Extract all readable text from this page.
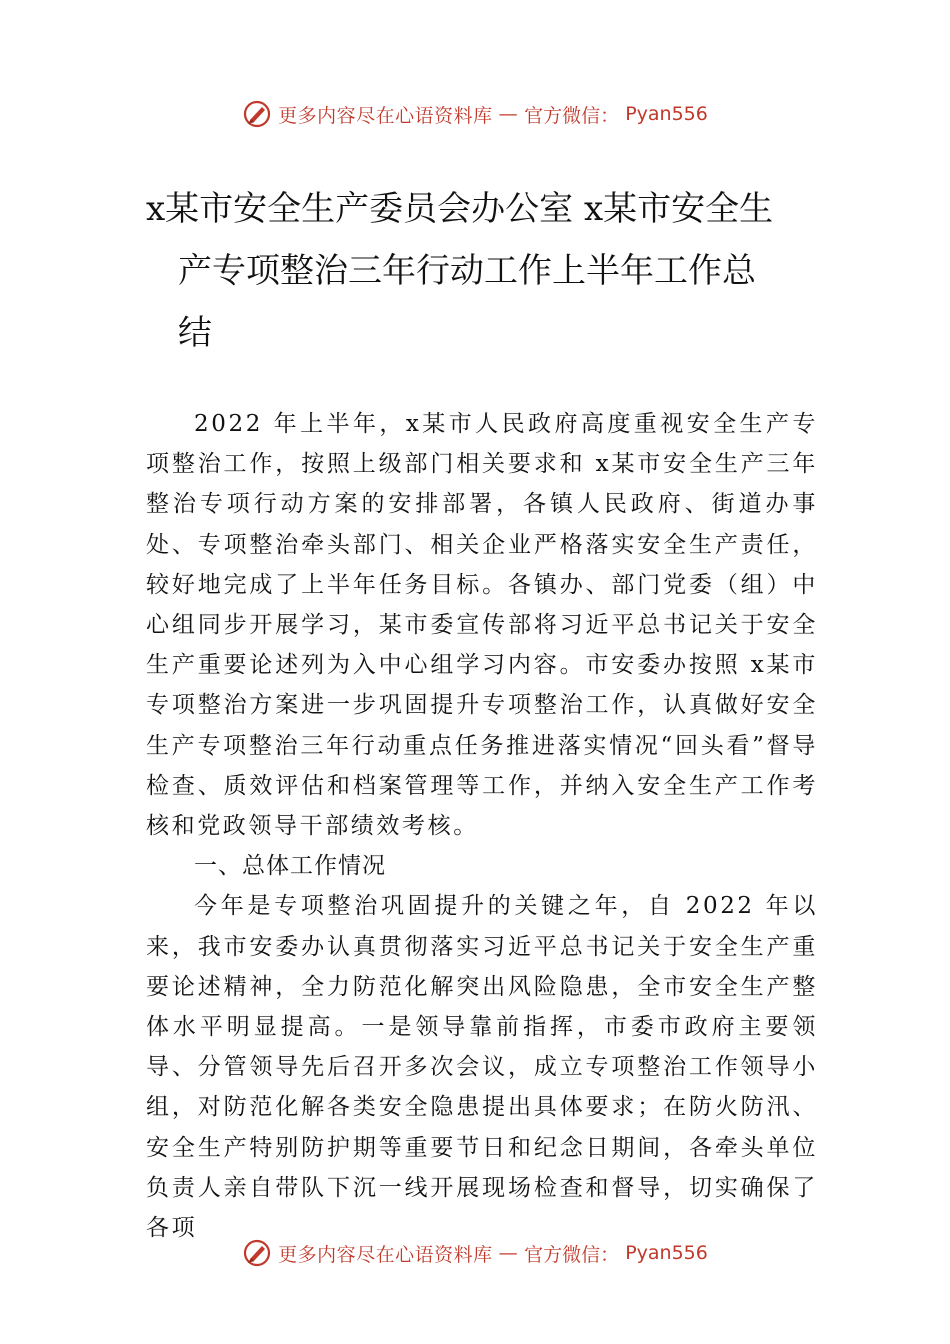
更多内容尽在心语资料库 — 官方微信： Pyan556
x某市安全生产委员会办公室 x某市安全生
产专项整治三年行动工作上半年工作总
结

2022 年上半年，x某市人民政府高度重视安全生产专项整治工作，按照上级部门相关要求和 x某市安全生产三年整治专项行动方案的安排部署，各镇人民政府、街道办事处、专项整治牵头部门、相关企业严格落实安全生产责任，较好地完成了上半年任务目标。各镇办、部门党委（组）中心组同步开展学习，某市委宣传部将习近平总书记关于安全生产重要论述列为入中心组学习内容。市安委办按照 x某市专项整治方案进一步巩固提升专项整治工作，认真做好安全生产专项整治三年行动重点任务推进落实情况“回头看”督导检查、质效评估和档案管理等工作，并纳入安全生产工作考核和党政领导干部绩效考核。

一、总体工作情况

今年是专项整治巩固提升的关键之年，自 2022 年以来，我市安委办认真贯彻落实习近平总书记关于安全生产重要论述精神，全力防范化解突出风险隐患，全市安全生产整体水平明显提高。一是领导靠前指挥，市委市政府主要领导、分管领导先后召开多次会议，成立专项整治工作领导小组，对防范化解各类安全隐患提出具体要求；在防火防汛、安全生产特别防护期等重要节日和纪念日期间，各牵头单位负责人亲自带队下沉一线开展现场检查和督导，切实确保了各项

更多内容尽在心语资料库 — 官方微信： Pyan556
